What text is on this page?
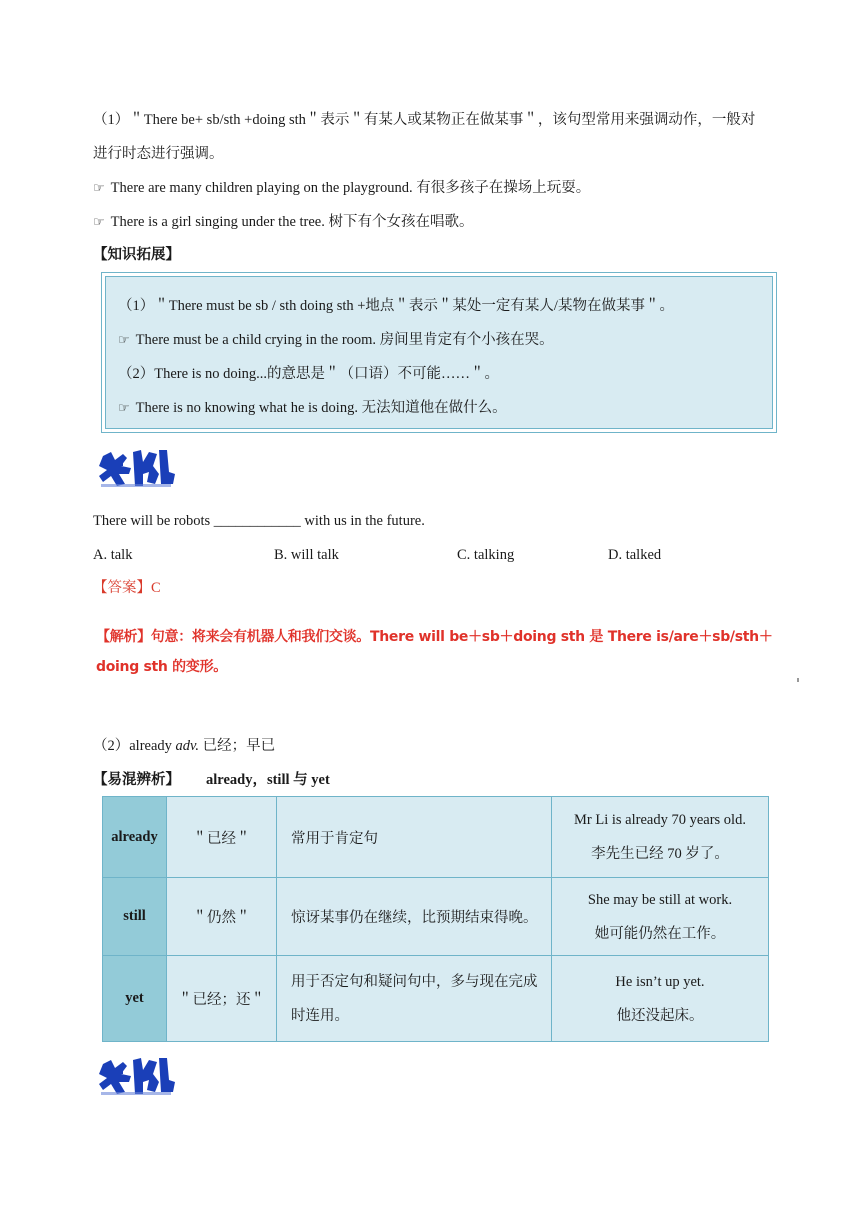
（1）＂There be+ sb/sth +doing sth＂表示＂有某人或某物正在做某事＂，该句型常用来强调动作，一般对
进行时态进行强调。
☞ There are many children playing on the playground. 有很多孩子在操场上玩耍。
☞ There is a girl singing under the tree. 树下有个女孩在唱歌。
【知识拓展】
（1）＂There must be sb / sth doing sth +地点＂表示＂某处一定有某人/某物在做某事＂。
☞ There must be a child crying in the room. 房间里肯定有个小孩在哭。
（2）There is no doing...的意思是＂（口语）不可能……＂。
☞ There is no knowing what he is doing. 无法知道他在做什么。
There will be robots ____________ with us in the future.
A. talk	B. will talk	C. talking	D. talked
【答案】C
【解析】句意：将来会有机器人和我们交谈。There will be＋sb＋doing sth 是 There is/are＋sb/sth＋doing sth 的变形。
（2）already adv. 已经；早已
【易混辨析】 already，still 与 yet
already	＂已经＂	常用于肯定句	Mr Li is already 70 years old.
李先生已经 70 岁了。

still	＂仍然＂	惊讶某事仍在继续，比预期结束得晚。	She may be still at work.
她可能仍然在工作。

yet	＂已经；还＂	用于否定句和疑问句中，多与现在完成
时连用。	He isn’t up yet.
他还没起床。
